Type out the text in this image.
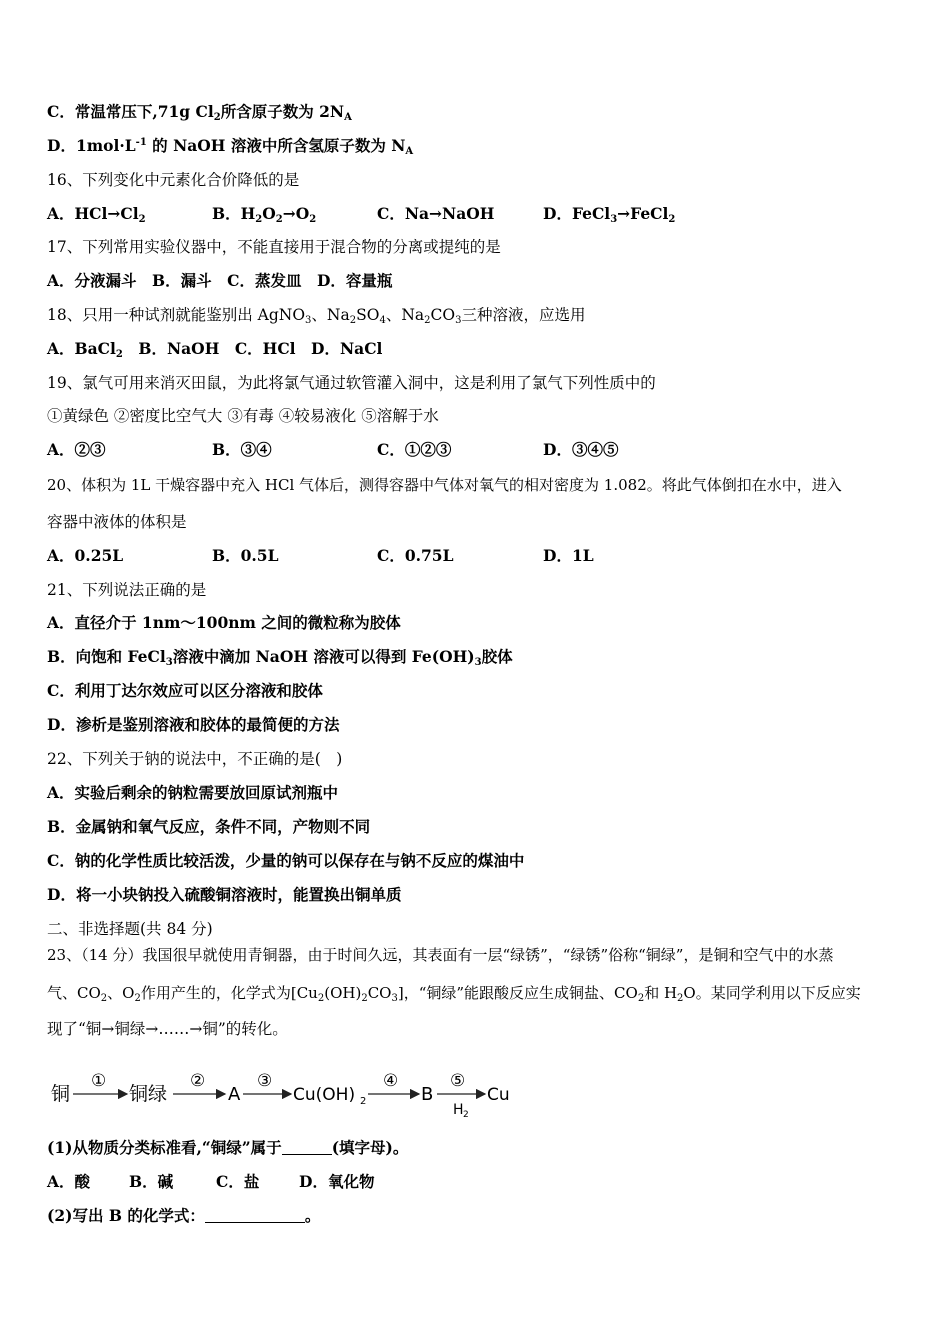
C．常温常压下,71g $Cl_2$所含原子数为 $2N_A$
D．$1mol\cdot L^{-1}$ 的 NaOH 溶液中所含氢原子数为 $N_A$
16、下列变化中元素化合价降低的是
A．$HCl\to Cl_2$	B．$H_2O_2\to O_2$	C．Na→NaOH	D．FeCl$_3$→FeCl$_2$
17、下列常用实验仪器中，不能直接用于混合物的分离或提纯的是
A．分液漏斗　B．漏斗　C．蒸发皿　D．容量瓶
18、只用一种试剂就能鉴别出 AgNO$_3$、$Na_2SO_4$、$Na_2CO_3$三种溶液，应选用
A．BaCl$_2$　B．NaOH　C．HCl　D．NaCl
19、氯气可用来消灭田鼠，为此将氯气通过软管灌入洞中，这是利用了氯气下列性质中的
①黄绿色 ②密度比空气大 ③有毒 ④较易液化 ⑤溶解于水
A．②③	B．③④	C．①②③	D．③④⑤
20、体积为 1L 干燥容器中充入 HCl 气体后，测得容器中气体对氧气的相对密度为 1.082。将此气体倒扣在水中，进入
容器中液体的体积是
A．0.25L	B．0.5L	C．0.75L	D．1L
21、下列说法正确的是
A．直径介于 1nm～100nm 之间的微粒称为胶体
B．向饱和 FeCl$_3$溶液中滴加 NaOH 溶液可以得到 $Fe(OH)_3$胶体
C．利用丁达尔效应可以区分溶液和胶体
D．渗析是鉴别溶液和胶体的最简便的方法
22、下列关于钠的说法中，不正确的是(　)
A．实验后剩余的钠粒需要放回原试剂瓶中
B．金属钠和氧气反应，条件不同，产物则不同
C．钠的化学性质比较活泼，少量的钠可以保存在与钠不反应的煤油中
D．将一小块钠投入硫酸铜溶液时，能置换出铜单质
二、非选择题(共 84 分)
23、（14 分）我国很早就使用青铜器，由于时间久远，其表面有一层“绿锈”，“绿锈”俗称“铜绿”，是铜和空气中的水蒸
气、$CO_2$、$O_2$作用产生的，化学式为$[Cu_2(OH)_2CO_3]$，“铜绿”能跟酸反应生成铜盐、$CO_2$和 $H_2O$。某同学利用以下反应实
现了“铜→铜绿→……→铜”的转化。
铜
①
铜绿
②
A
③
Cu(OH) 2
④
B
⑤
H 2
Cu
(1)从物质分类标准看,“铜绿”属于	(填字母)。
A．酸	B．碱	C．盐	D．氧化物
(2)写出 B 的化学式：	。
